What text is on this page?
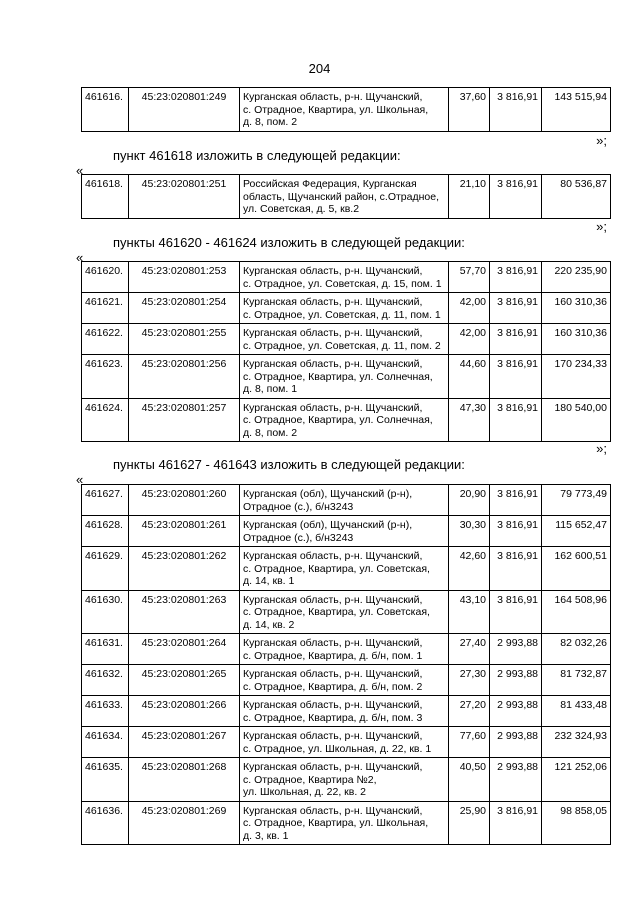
204
461616.	45:23:020801:249	Курганская область, р-н. Щучанский,
с. Отрадное, Квартира, ул. Школьная,
д. 8, пом. 2
	37,60	3 816,91	143 515,94
»;
пункт 461618 изложить в следующей редакции:
«
461618.	45:23:020801:251	Российская Федерация, Курганская
область, Щучанский район, с.Отрадное,
ул. Советская, д. 5, кв.2
	21,10	3 816,91	80 536,87
»;
пункты 461620 - 461624 изложить в следующей редакции:
«
461620.	45:23:020801:253	Курганская область, р-н. Щучанский,
с. Отрадное, ул. Советская, д. 15, пом. 1	57,70	3 816,91	220 235,90
461621.	45:23:020801:254	Курганская область, р-н. Щучанский,
с. Отрадное, ул. Советская, д. 11, пом. 1	42,00	3 816,91	160 310,36
461622.	45:23:020801:255	Курганская область, р-н. Щучанский,
с. Отрадное, ул. Советская, д. 11, пом. 2	42,00	3 816,91	160 310,36
461623.	45:23:020801:256	Курганская область, р-н. Щучанский,
с. Отрадное, Квартира, ул. Солнечная,
д. 8, пом. 1	44,60	3 816,91	170 234,33
461624.	45:23:020801:257	Курганская область, р-н. Щучанский,
с. Отрадное, Квартира, ул. Солнечная,
д. 8, пом. 2	47,30	3 816,91	180 540,00
»;
пункты 461627 - 461643 изложить в следующей редакции:
«
461627.	45:23:020801:260	Курганская (обл), Щучанский (р-н),
Отрадное (с.), б/н3243	20,90	3 816,91	79 773,49
461628.	45:23:020801:261	Курганская (обл), Щучанский (р-н),
Отрадное (с.), б/н3243	30,30	3 816,91	115 652,47
461629.	45:23:020801:262	Курганская область, р-н. Щучанский,
с. Отрадное, Квартира, ул. Советская,
д. 14, кв. 1	42,60	3 816,91	162 600,51
461630.	45:23:020801:263	Курганская область, р-н. Щучанский,
с. Отрадное, Квартира, ул. Советская,
д. 14, кв. 2	43,10	3 816,91	164 508,96
461631.	45:23:020801:264	Курганская область, р-н. Щучанский,
с. Отрадное, Квартира, д. б/н, пом. 1	27,40	2 993,88	82 032,26
461632.	45:23:020801:265	Курганская область, р-н. Щучанский,
с. Отрадное, Квартира, д. б/н, пом. 2	27,30	2 993,88	81 732,87
461633.	45:23:020801:266	Курганская область, р-н. Щучанский,
с. Отрадное, Квартира, д. б/н, пом. 3	27,20	2 993,88	81 433,48
461634.	45:23:020801:267	Курганская область, р-н. Щучанский,
с. Отрадное, ул. Школьная, д. 22, кв. 1	77,60	2 993,88	232 324,93
461635.	45:23:020801:268	Курганская область, р-н. Щучанский,
с. Отрадное, Квартира №2,
ул. Школьная, д. 22, кв. 2	40,50	2 993,88	121 252,06
461636.	45:23:020801:269	Курганская область, р-н. Щучанский,
с. Отрадное, Квартира, ул. Школьная,
д. 3, кв. 1	25,90	3 816,91	98 858,05
